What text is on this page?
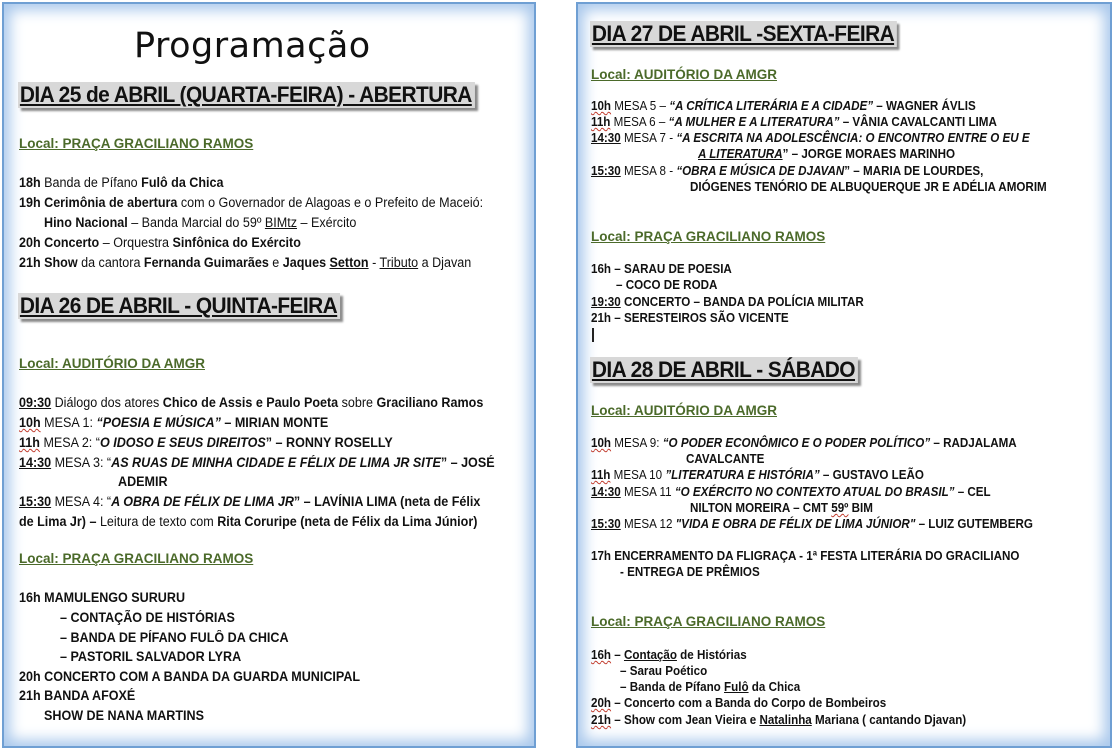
Programação
DIA 25 de ABRIL (QUARTA-FEIRA) - ABERTURA
Local: PRAÇA GRACILIANO RAMOS
18h Banda de Pífano Fulô da Chica
19h Cerimônia de abertura com o Governador de Alagoas e o Prefeito de Maceió:
Hino Nacional – Banda Marcial do 59º BIMtz – Exército
20h Concerto – Orquestra Sinfônica do Exército
21h Show da cantora Fernanda Guimarães e Jaques Setton - Tributo a Djavan
DIA 26 DE ABRIL - QUINTA-FEIRA
Local: AUDITÓRIO DA AMGR
09:30 Diálogo dos atores Chico de Assis e Paulo Poeta sobre Graciliano Ramos
10h MESA 1: “POESIA E MÚSICA” – MIRIAN MONTE
11h MESA 2: “O IDOSO E SEUS DIREITOS” – RONNY ROSELLY
14:30 MESA 3: “AS RUAS DE MINHA CIDADE E FÉLIX DE LIMA JR SITE” – JOSÉ
ADEMIR
15:30 MESA 4: “A OBRA DE FÉLIX DE LIMA JR” – LAVÍNIA LIMA (neta de Félix
de Lima Jr) – Leitura de texto com Rita Coruripe (neta de Félix da Lima Júnior)
Local: PRAÇA GRACILIANO RAMOS
16h MAMULENGO SURURU
– CONTAÇÃO DE HISTÓRIAS
– BANDA DE PÍFANO FULÔ DA CHICA
– PASTORIL SALVADOR LYRA
20h CONCERTO COM A BANDA DA GUARDA MUNICIPAL
21h BANDA AFOXÉ
SHOW DE NANA MARTINS
DIA 27 DE ABRIL -SEXTA-FEIRA
Local: AUDITÓRIO DA AMGR
10h MESA 5 – “A CRÍTICA LITERÁRIA E A CIDADE” – WAGNER ÁVLIS
11h MESA 6 – “A MULHER E A LITERATURA” – VÂNIA CAVALCANTI LIMA
14:30 MESA 7 - “A ESCRITA NA ADOLESCÊNCIA: O ENCONTRO ENTRE O EU E
A LITERATURA” – JORGE MORAES MARINHO
15:30 MESA 8 - “OBRA E MÚSICA DE DJAVAN” – MARIA DE LOURDES,
DIÓGENES TENÓRIO DE ALBUQUERQUE JR E ADÉLIA AMORIM
Local: PRAÇA GRACILIANO RAMOS
16h – SARAU DE POESIA
– COCO DE RODA
19:30 CONCERTO – BANDA DA POLÍCIA MILITAR
21h – SERESTEIROS SÃO VICENTE
DIA 28 DE ABRIL - SÁBADO
Local: AUDITÓRIO DA AMGR
10h MESA 9: “O PODER ECONÔMICO E O PODER POLÍTICO” – RADJALAMA
CAVALCANTE
11h MESA 10 ”LITERATURA E HISTÓRIA” – GUSTAVO LEÃO
14:30 MESA 11 “O EXÉRCITO NO CONTEXTO ATUAL DO BRASIL” – CEL
NILTON MOREIRA – CMT 59º BIM
15:30 MESA 12 "VIDA E OBRA DE FÉLIX DE LIMA JÚNIOR" – LUIZ GUTEMBERG
17h ENCERRAMENTO DA FLIGRAÇA - 1ª FESTA LITERÁRIA DO GRACILIANO
- ENTREGA DE PRÊMIOS
Local: PRAÇA GRACILIANO RAMOS
16h – Contação de Histórias
– Sarau Poético
– Banda de Pífano Fulô da Chica
20h – Concerto com a Banda do Corpo de Bombeiros
21h – Show com Jean Vieira e Natalinha Mariana ( cantando Djavan)
